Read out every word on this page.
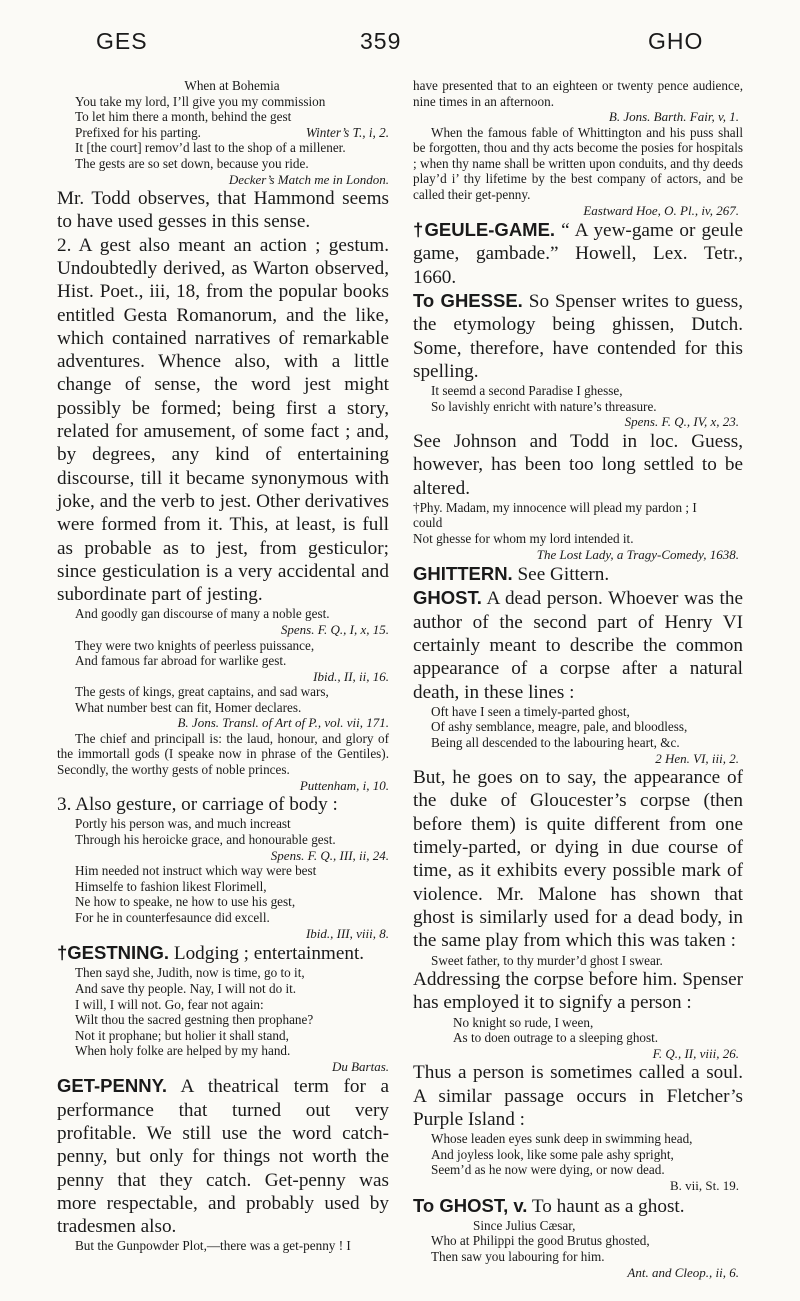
GES	359	GHO
When at Bohemia
You take my lord, I’ll give you my commission
To let him there a month, behind the gest
Prefixed for his parting.	Winter’s T., i, 2.
It [the court] remov’d last to the shop of a millener.
The gests are so set down, because you ride.

Decker’s Match me in London.

Mr. Todd observes, that Hammond seems to have used gesses in this sense.

2. A gest also meant an action ; gestum. Undoubtedly derived, as Warton observed, Hist. Poet., iii, 18, from the popular books entitled Gesta Romanorum, and the like, which contained narratives of remarkable adventures. Whence also, with a little change of sense, the word jest might possibly be formed; being first a story, related for amusement, of some fact ; and, by degrees, any kind of entertaining discourse, till it became synonymous with joke, and the verb to jest. Other derivatives were formed from it. This, at least, is full as probable as to jest, from gesticulor; since gesticulation is a very accidental and subordinate part of jesting.

And goodly gan discourse of many a noble gest.

Spens. F. Q., I, x, 15.

They were two knights of peerless puissance,
And famous far abroad for warlike gest.

Ibid., II, ii, 16.

The gests of kings, great captains, and sad wars,
What number best can fit, Homer declares.

B. Jons. Transl. of Art of P., vol. vii, 171.

The chief and principall is: the laud, honour, and glory of the immortall gods (I speake now in phrase of the Gentiles). Secondly, the worthy gests of noble princes.

Puttenham, i, 10.

3. Also gesture, or carriage of body :

Portly his person was, and much increast
Through his heroicke grace, and honourable gest.

Spens. F. Q., III, ii, 24.

Him needed not instruct which way were best
Himselfe to fashion likest Florimell,
Ne how to speake, ne how to use his gest,
For he in counterfesaunce did excell.

Ibid., III, viii, 8.

†GESTNING. Lodging ; entertainment.

Then sayd she, Judith, now is time, go to it,
And save thy people. Nay, I will not do it.
I will, I will not. Go, fear not again:
Wilt thou the sacred gestning then prophane?
Not it prophane; but holier it shall stand,
When holy folke are helped by my hand.

Du Bartas.

GET-PENNY. A theatrical term for a performance that turned out very profitable. We still use the word catch-penny, but only for things not worth the penny that they catch. Get-penny was more respectable, and probably used by tradesmen also.

But the Gunpowder Plot,—there was a get-penny ! I

have presented that to an eighteen or twenty pence audience, nine times in an afternoon.

B. Jons. Barth. Fair, v, 1.

When the famous fable of Whittington and his puss shall be forgotten, thou and thy acts become the posies for hospitals ; when thy name shall be written upon conduits, and thy deeds play’d i’ thy lifetime by the best company of actors, and be called their get-penny.

Eastward Hoe, O. Pl., iv, 267.

†GEULE-GAME. “ A yew-game or geule game, gambade.” Howell, Lex. Tetr., 1660.

To GHESSE. So Spenser writes to guess, the etymology being ghissen, Dutch. Some, therefore, have contended for this spelling.

It seemd a second Paradise I ghesse,
So lavishly enricht with nature’s threasure.

Spens. F. Q., IV, x, 23.

See Johnson and Todd in loc. Guess, however, has been too long settled to be altered.

†Phy. Madam, my innocence will plead my pardon ; I
could
Not ghesse for whom my lord intended it.

The Lost Lady, a Tragy-Comedy, 1638.

GHITTERN. See Gittern.

GHOST. A dead person. Whoever was the author of the second part of Henry VI certainly meant to describe the common appearance of a corpse after a natural death, in these lines :

Oft have I seen a timely-parted ghost,
Of ashy semblance, meagre, pale, and bloodless,
Being all descended to the labouring heart, &c.

2 Hen. VI, iii, 2.

But, he goes on to say, the appearance of the duke of Gloucester’s corpse (then before them) is quite different from one timely-parted, or dying in due course of time, as it exhibits every possible mark of violence. Mr. Malone has shown that ghost is similarly used for a dead body, in the same play from which this was taken :

Sweet father, to thy murder’d ghost I swear.

Addressing the corpse before him. Spenser has employed it to signify a person :

No knight so rude, I ween,
As to doen outrage to a sleeping ghost.

F. Q., II, viii, 26.

Thus a person is sometimes called a soul. A similar passage occurs in Fletcher’s Purple Island :

Whose leaden eyes sunk deep in swimming head,
And joyless look, like some pale ashy spright,
Seem’d as he now were dying, or now dead.

B. vii, St. 19.

To GHOST, v. To haunt as a ghost.

Since Julius Cæsar,
Who at Philippi the good Brutus ghosted,
Then saw you labouring for him.

Ant. and Cleop., ii, 6.
